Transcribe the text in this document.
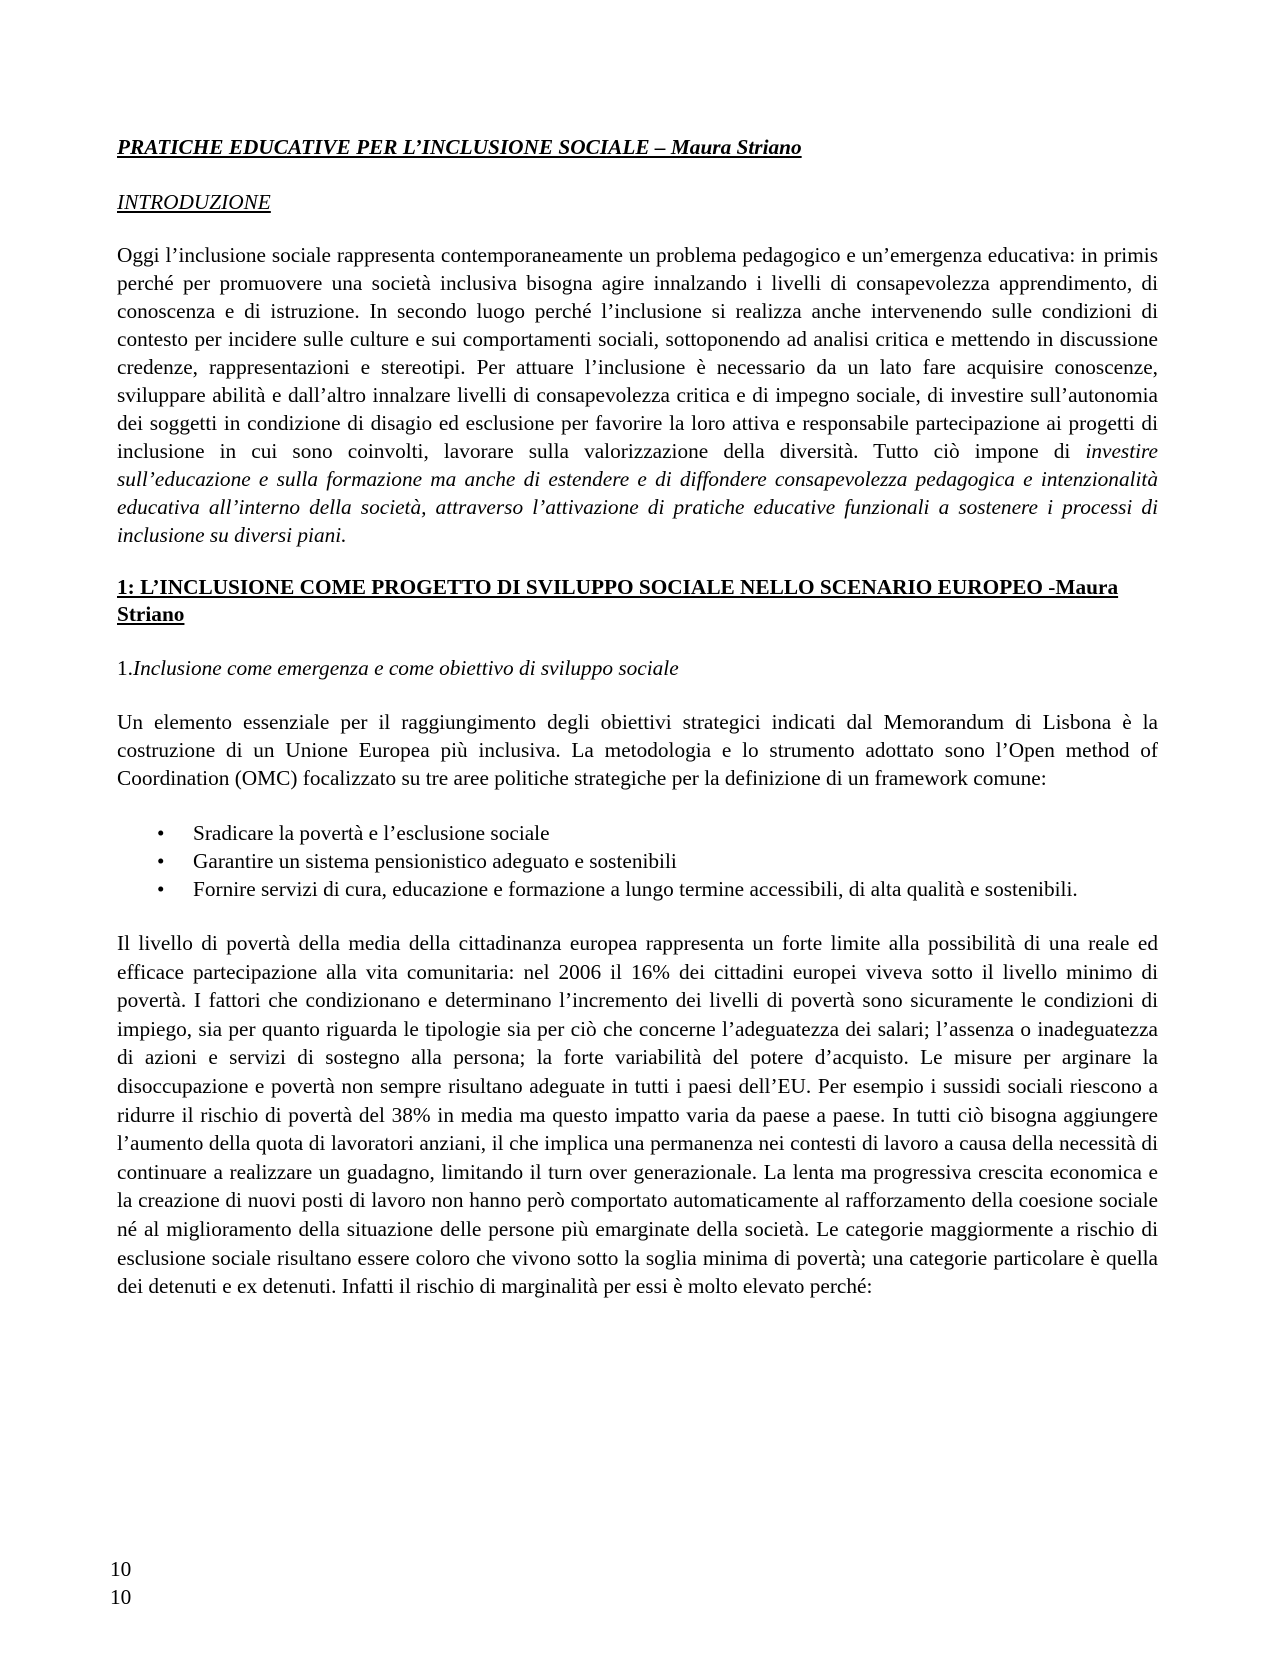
PRATICHE EDUCATIVE PER L’INCLUSIONE SOCIALE – Maura Striano

INTRODUZIONE

Oggi l’inclusione sociale rappresenta contemporaneamente un problema pedagogico e un’emergenza educativa: in primis perché per promuovere una società inclusiva bisogna agire innalzando i livelli di consapevolezza apprendimento, di conoscenza e di istruzione. In secondo luogo perché l’inclusione si realizza anche intervenendo sulle condizioni di contesto per incidere sulle culture e sui comportamenti sociali, sottoponendo ad analisi critica e mettendo in discussione credenze, rappresentazioni e stereotipi. Per attuare l’inclusione è necessario da un lato fare acquisire conoscenze, sviluppare abilità e dall’altro innalzare livelli di consapevolezza critica e di impegno sociale, di investire sull’autonomia dei soggetti in condizione di disagio ed esclusione per favorire la loro attiva e responsabile partecipazione ai progetti di inclusione in cui sono coinvolti, lavorare sulla valorizzazione della diversità. Tutto ciò impone di investire sull’educazione e sulla formazione ma anche di estendere e di diffondere consapevolezza pedagogica e intenzionalità educativa all’interno della società, attraverso l’attivazione di pratiche educative funzionali a sostenere i processi di inclusione su diversi piani.

1: L’INCLUSIONE COME PROGETTO DI SVILUPPO SOCIALE NELLO SCENARIO EUROPEO -Maura Striano

1.Inclusione come emergenza e come obiettivo di sviluppo sociale

Un elemento essenziale per il raggiungimento degli obiettivi strategici indicati dal Memorandum di Lisbona è la costruzione di un Unione Europea più inclusiva. La metodologia e lo strumento adottato sono l’Open method of Coordination (OMC) focalizzato su tre aree politiche strategiche per la definizione di un framework comune:

• Sradicare la povertà e l’esclusione sociale
• Garantire un sistema pensionistico adeguato e sostenibili
• Fornire servizi di cura, educazione e formazione a lungo termine accessibili, di alta qualità e sostenibili.

Il livello di povertà della media della cittadinanza europea rappresenta un forte limite alla possibilità di una reale ed efficace partecipazione alla vita comunitaria: nel 2006 il 16% dei cittadini europei viveva sotto il livello minimo di povertà. I fattori che condizionano e determinano l’incremento dei livelli di povertà sono sicuramente le condizioni di impiego, sia per quanto riguarda le tipologie sia per ciò che concerne l’adeguatezza dei salari; l’assenza o inadeguatezza di azioni e servizi di sostegno alla persona; la forte variabilità del potere d’acquisto. Le misure per arginare la disoccupazione e povertà non sempre risultano adeguate in tutti i paesi dell’EU. Per esempio i sussidi sociali riescono a ridurre il rischio di povertà del 38% in media ma questo impatto varia da paese a paese. In tutti ciò bisogna aggiungere l’aumento della quota di lavoratori anziani, il che implica una permanenza nei contesti di lavoro a causa della necessità di continuare a realizzare un guadagno, limitando il turn over generazionale. La lenta ma progressiva crescita economica e la creazione di nuovi posti di lavoro non hanno però comportato automaticamente al rafforzamento della coesione sociale né al miglioramento della situazione delle persone più emarginate della società. Le categorie maggiormente a rischio di esclusione sociale risultano essere coloro che vivono sotto la soglia minima di povertà; una categorie particolare è quella dei detenuti e ex detenuti. Infatti il rischio di marginalità per essi è molto elevato perché:

10
10
